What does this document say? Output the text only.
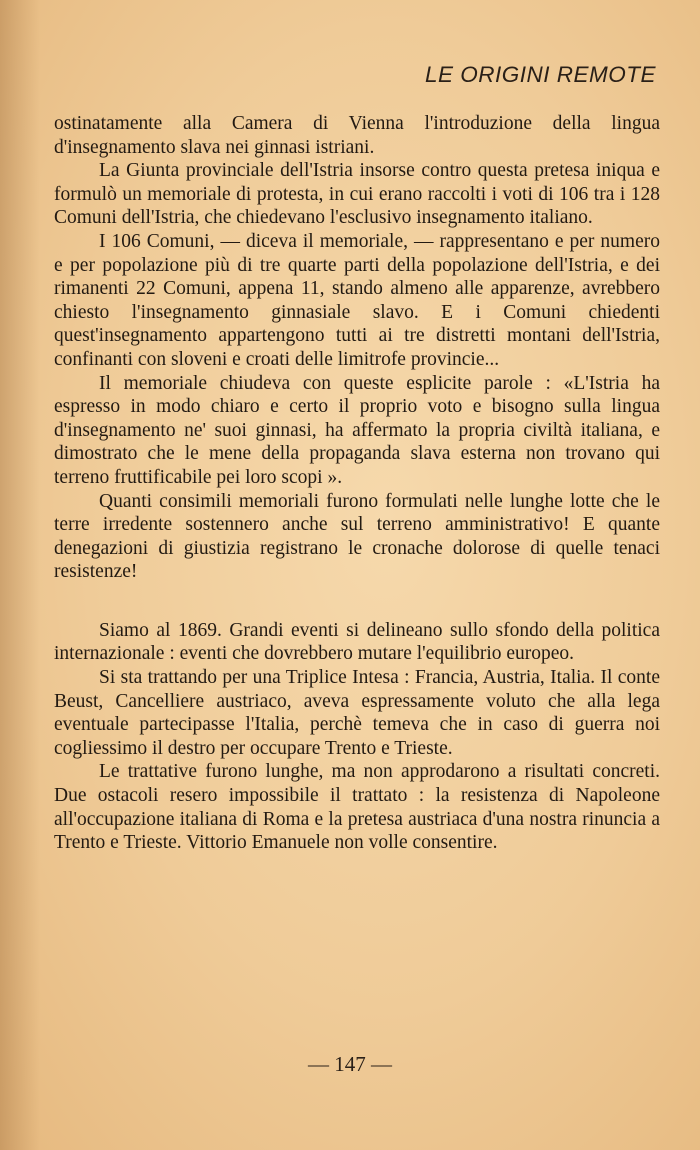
LE ORIGINI REMOTE

ostinatamente alla Camera di Vienna l'introduzione della lingua d'insegnamento slava nei ginnasi istriani.

La Giunta provinciale dell'Istria insorse contro questa pretesa iniqua e formulò un memoriale di protesta, in cui erano raccolti i voti di 106 tra i 128 Comuni dell'Istria, che chiedevano l'esclusivo insegnamento italiano.

I 106 Comuni, — diceva il memoriale, — rappresentano e per numero e per popolazione più di tre quarte parti della popolazione dell'Istria, e dei rimanenti 22 Comuni, appena 11, stando almeno alle apparenze, avrebbero chiesto l'insegnamento ginnasiale slavo. E i Comuni chiedenti quest'insegnamento appartengono tutti ai tre distretti montani dell'Istria, confinanti con sloveni e croati delle limitrofe provincie...

Il memoriale chiudeva con queste esplicite parole : «L'Istria ha espresso in modo chiaro e certo il proprio voto e bisogno sulla lingua d'insegnamento ne' suoi ginnasi, ha affermato la propria civiltà italiana, e dimostrato che le mene della propaganda slava esterna non trovano qui terreno fruttificabile pei loro scopi ».

Quanti consimili memoriali furono formulati nelle lunghe lotte che le terre irredente sostennero anche sul terreno amministrativo! E quante denegazioni di giustizia registrano le cronache dolorose di quelle tenaci resistenze!

Siamo al 1869. Grandi eventi si delineano sullo sfondo della politica internazionale : eventi che dovrebbero mutare l'equilibrio europeo.

Si sta trattando per una Triplice Intesa : Francia, Austria, Italia. Il conte Beust, Cancelliere austriaco, aveva espressamente voluto che alla lega eventuale partecipasse l'Italia, perchè temeva che in caso di guerra noi cogliessimo il destro per occupare Trento e Trieste.

Le trattative furono lunghe, ma non approdarono a risultati concreti. Due ostacoli resero impossibile il trattato : la resistenza di Napoleone all'occupazione italiana di Roma e la pretesa austriaca d'una nostra rinuncia a Trento e Trieste. Vittorio Emanuele non volle consentire.

— 147 —
